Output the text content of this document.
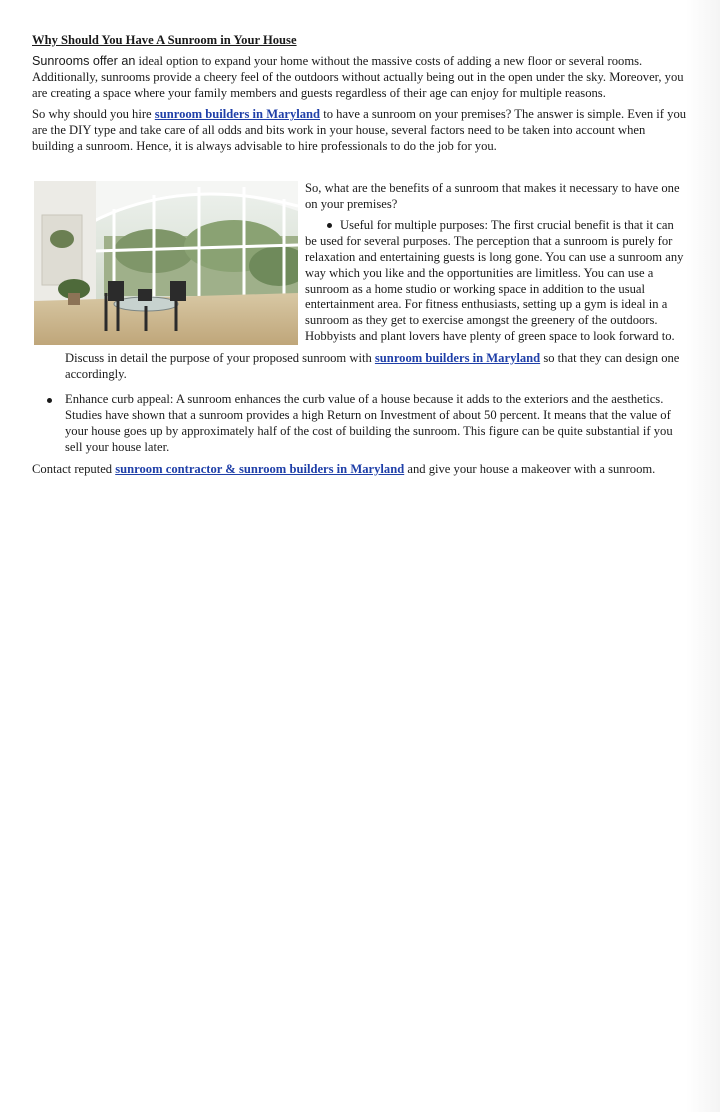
Why Should You Have A Sunroom in Your House

Sunrooms offer an ideal option to expand your home without the massive costs of adding a new floor or several rooms. Additionally, sunrooms provide a cheery feel of the outdoors without actually being out in the open under the sky. Moreover, you are creating a space where your family members and guests regardless of their age can enjoy for multiple reasons.

So why should you hire sunroom builders in Maryland to have a sunroom on your premises? The answer is simple. Even if you are the DIY type and take care of all odds and bits work in your house, several factors need to be taken into account when building a sunroom. Hence, it is always advisable to hire professionals to do the job for you.

So, what are the benefits of a sunroom that makes it necessary to have one on your premises?

Useful for multiple purposes: The first crucial benefit is that it can be used for several purposes. The perception that a sunroom is purely for relaxation and entertaining guests is long gone. You can use a sunroom any way which you like and the opportunities are limitless. You can use a sunroom as a home studio or working space in addition to the usual entertainment area. For fitness enthusiasts, setting up a gym is ideal in a sunroom as they get to exercise amongst the greenery of the outdoors. Hobbyists and plant lovers have plenty of green space to look forward to.
Discuss in detail the purpose of your proposed sunroom with sunroom builders in Maryland so that they can design one accordingly.
Enhance curb appeal: A sunroom enhances the curb value of a house because it adds to the exteriors and the aesthetics. Studies have shown that a sunroom provides a high Return on Investment of about 50 percent. It means that the value of your house goes up by approximately half of the cost of building the sunroom. This figure can be quite substantial if you sell your house later.

Contact reputed sunroom contractor & sunroom builders in Maryland and give your house a makeover with a sunroom.
